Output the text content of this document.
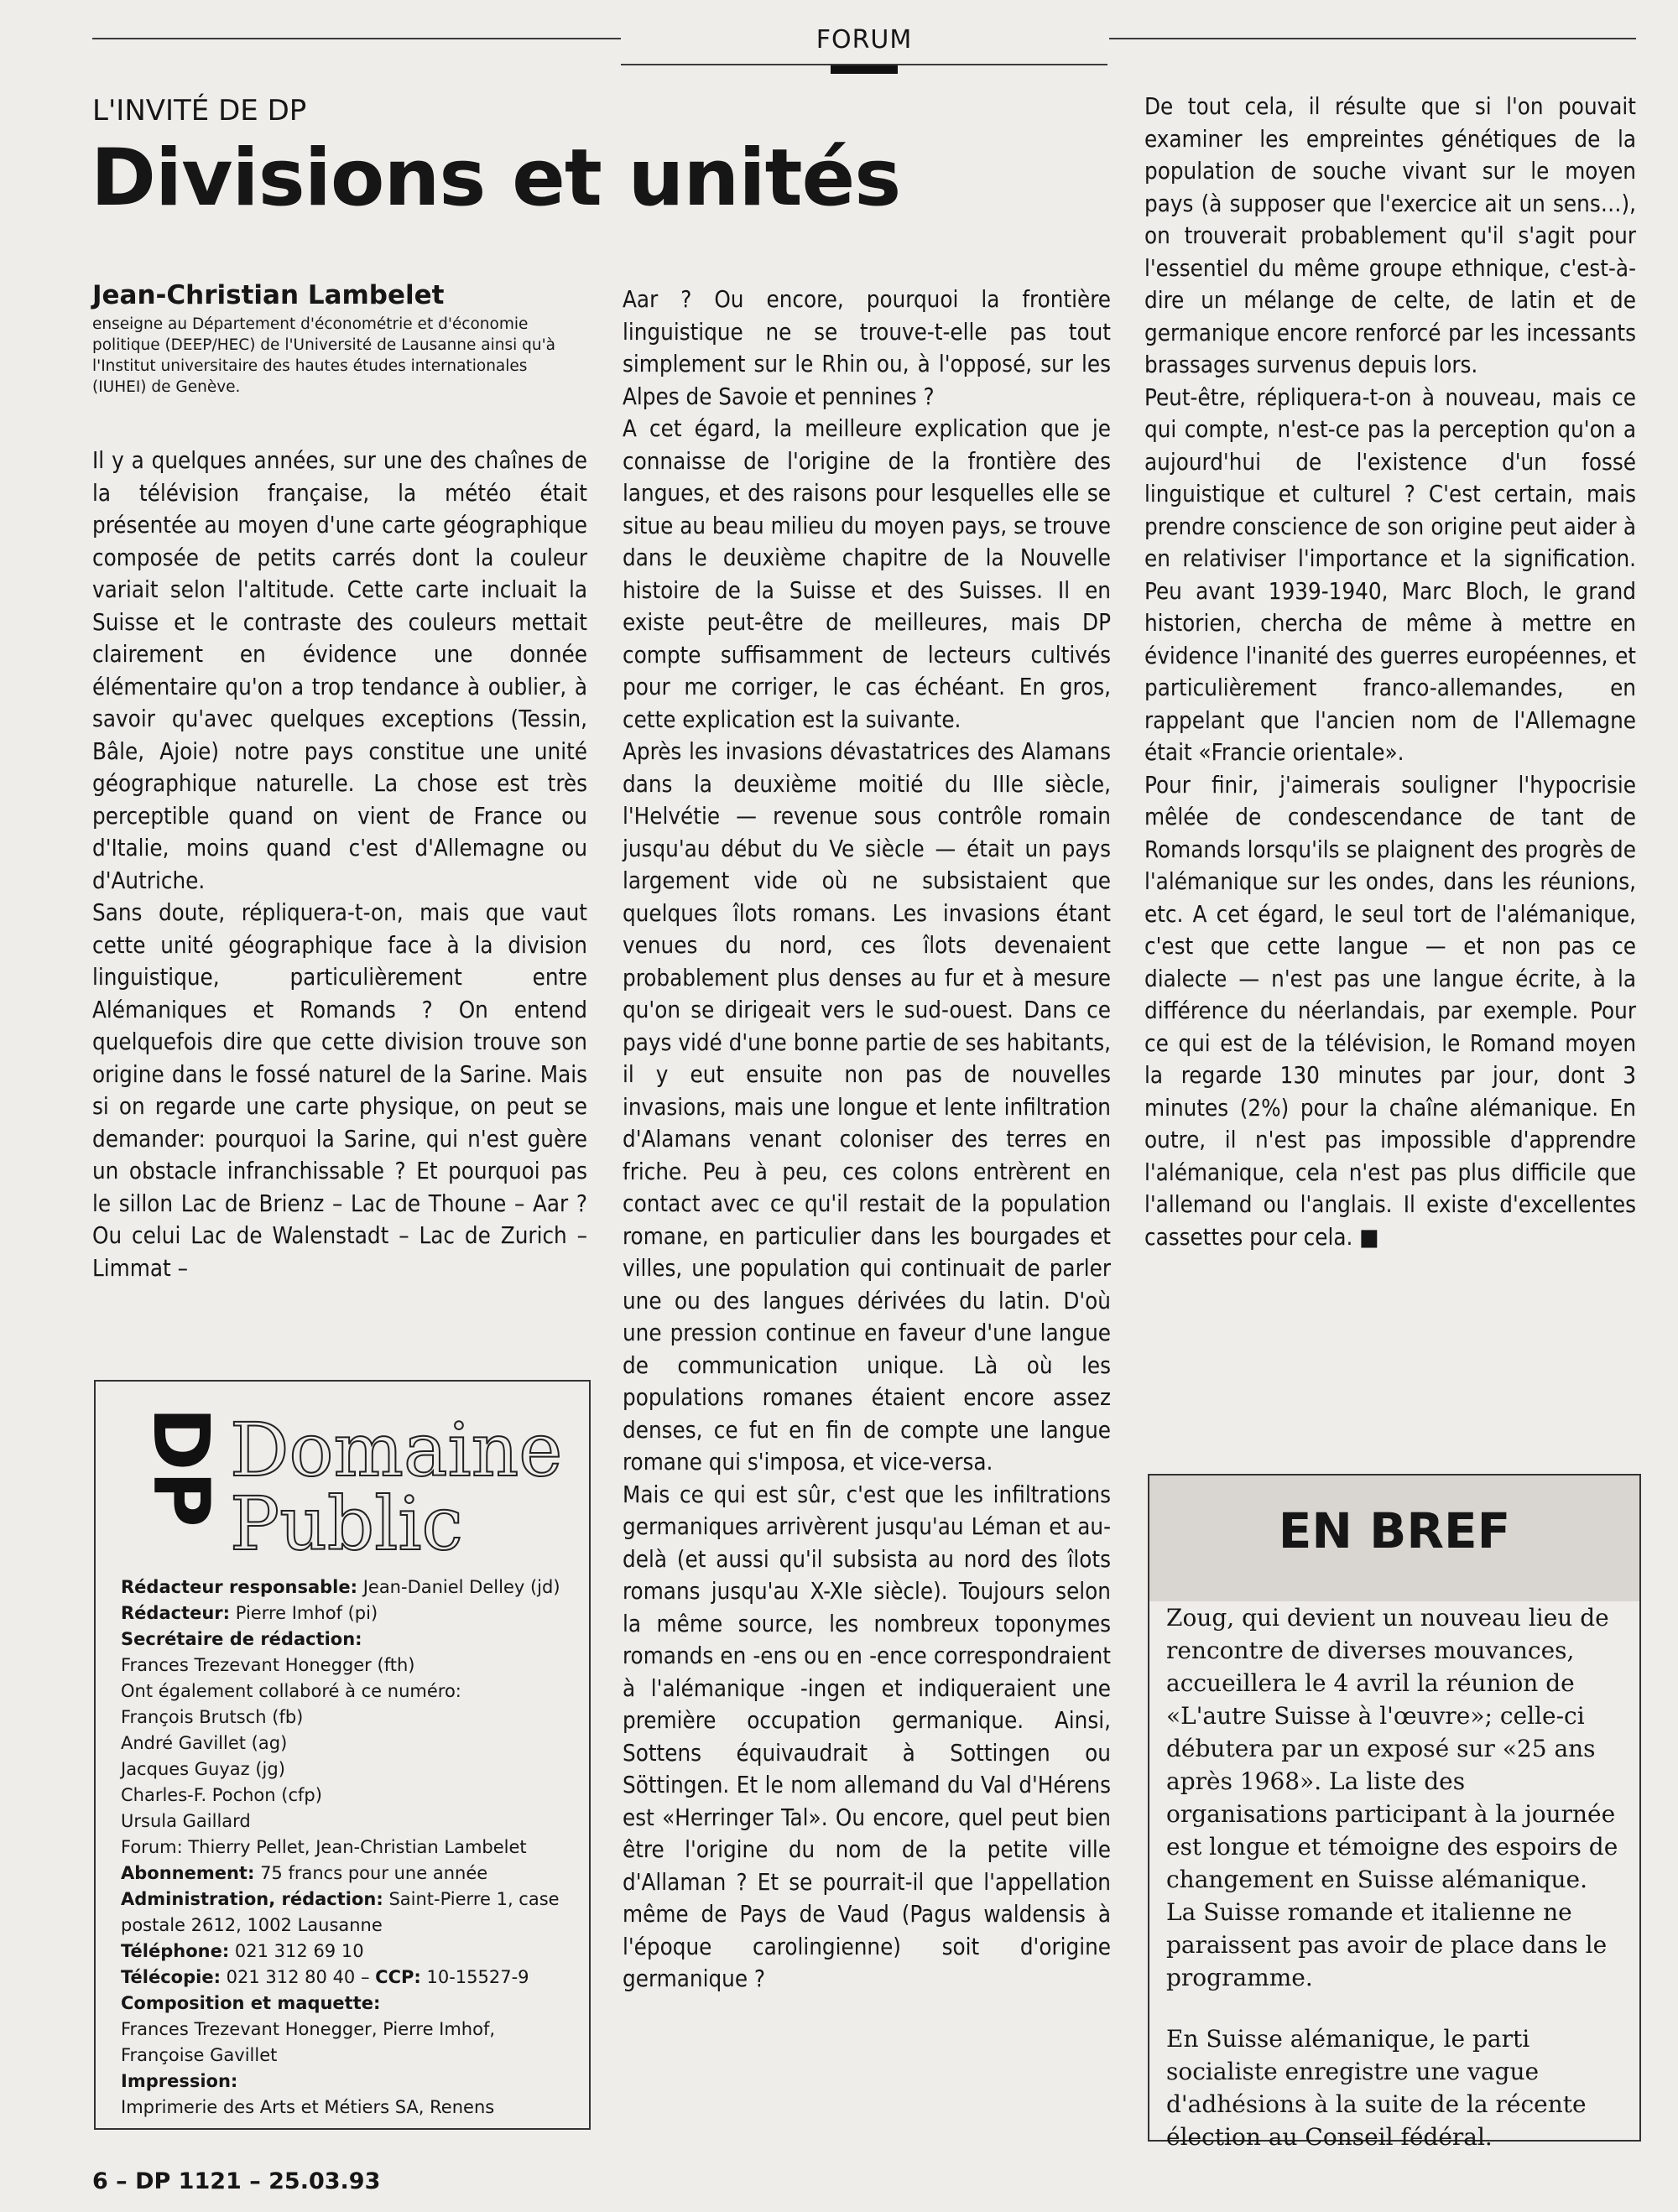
FORUM
L'INVITÉ DE DP
Divisions et unités
Jean-Christian Lambelet
enseigne au Département d'économétrie et d'économie politique (DEEP/HEC) de l'Université de Lausanne ainsi qu'à l'Institut universitaire des hautes études internationales (IUHEI) de Genève.

Il y a quelques années, sur une des chaînes de la télévision française, la météo était présentée au moyen d'une carte géographique composée de petits carrés dont la couleur variait selon l'altitude. Cette carte incluait la Suisse et le contraste des couleurs mettait clairement en évidence une donnée élémentaire qu'on a trop tendance à oublier, à savoir qu'avec quelques exceptions (Tessin, Bâle, Ajoie) notre pays constitue une unité géographique naturelle. La chose est très perceptible quand on vient de France ou d'Italie, moins quand c'est d'Allemagne ou d'Autriche.

Sans doute, répliquera-t-on, mais que vaut cette unité géographique face à la division linguistique, particulièrement entre Alémaniques et Romands ? On entend quelquefois dire que cette division trouve son origine dans le fossé naturel de la Sarine. Mais si on regarde une carte physique, on peut se demander: pourquoi la Sarine, qui n'est guère un obstacle infranchissable ? Et pourquoi pas le sillon Lac de Brienz – Lac de Thoune – Aar ? Ou celui Lac de Walenstadt – Lac de Zurich – Limmat –

Aar ? Ou encore, pourquoi la frontière linguistique ne se trouve-t-elle pas tout simplement sur le Rhin ou, à l'opposé, sur les Alpes de Savoie et pennines ?

A cet égard, la meilleure explication que je connaisse de l'origine de la frontière des langues, et des raisons pour lesquelles elle se situe au beau milieu du moyen pays, se trouve dans le deuxième chapitre de la Nouvelle histoire de la Suisse et des Suisses. Il en existe peut-être de meilleures, mais DP compte suffisamment de lecteurs cultivés pour me corriger, le cas échéant. En gros, cette explication est la suivante.

Après les invasions dévastatrices des Alamans dans la deuxième moitié du IIIe siècle, l'Helvétie — revenue sous contrôle romain jusqu'au début du Ve siècle — était un pays largement vide où ne subsistaient que quelques îlots romans. Les invasions étant venues du nord, ces îlots devenaient probablement plus denses au fur et à mesure qu'on se dirigeait vers le sud-ouest. Dans ce pays vidé d'une bonne partie de ses habitants, il y eut ensuite non pas de nouvelles invasions, mais une longue et lente infiltration d'Alamans venant coloniser des terres en friche. Peu à peu, ces colons entrèrent en contact avec ce qu'il restait de la population romane, en particulier dans les bourgades et villes, une population qui continuait de parler une ou des langues dérivées du latin. D'où une pression continue en faveur d'une langue de communication unique. Là où les populations romanes étaient encore assez denses, ce fut en fin de compte une langue romane qui s'imposa, et vice-versa.

Mais ce qui est sûr, c'est que les infiltrations germaniques arrivèrent jusqu'au Léman et au-delà (et aussi qu'il subsista au nord des îlots romans jusqu'au X-XIe siècle). Toujours selon la même source, les nombreux toponymes romands en -ens ou en -ence correspondraient à l'alémanique -ingen et indiqueraient une première occupation germanique. Ainsi, Sottens équivaudrait à Sottingen ou Söttingen. Et le nom allemand du Val d'Hérens est «Herringer Tal». Ou encore, quel peut bien être l'origine du nom de la petite ville d'Allaman ? Et se pourrait-il que l'appellation même de Pays de Vaud (Pagus waldensis à l'époque carolingienne) soit d'origine germanique ?

De tout cela, il résulte que si l'on pouvait examiner les empreintes génétiques de la population de souche vivant sur le moyen pays (à supposer que l'exercice ait un sens…), on trouverait probablement qu'il s'agit pour l'essentiel du même groupe ethnique, c'est-à-dire un mélange de celte, de latin et de germanique encore renforcé par les incessants brassages survenus depuis lors.

Peut-être, répliquera-t-on à nouveau, mais ce qui compte, n'est-ce pas la perception qu'on a aujourd'hui de l'existence d'un fossé linguistique et culturel ? C'est certain, mais prendre conscience de son origine peut aider à en relativiser l'importance et la signification. Peu avant 1939-1940, Marc Bloch, le grand historien, chercha de même à mettre en évidence l'inanité des guerres européennes, et particulièrement franco-allemandes, en rappelant que l'ancien nom de l'Allemagne était «Francie orientale».

Pour finir, j'aimerais souligner l'hypocrisie mêlée de condescendance de tant de Romands lorsqu'ils se plaignent des progrès de l'alémanique sur les ondes, dans les réunions, etc. A cet égard, le seul tort de l'alémanique, c'est que cette langue — et non pas ce dialecte — n'est pas une langue écrite, à la différence du néerlandais, par exemple. Pour ce qui est de la télévision, le Romand moyen la regarde 130 minutes par jour, dont 3 minutes (2%) pour la chaîne alémanique. En outre, il n'est pas impossible d'apprendre l'alémanique, cela n'est pas plus difficile que l'allemand ou l'anglais. Il existe d'excellentes cassettes pour cela. ■

DP Domaine
Public
Rédacteur responsable: Jean-Daniel Delley (jd)
Rédacteur: Pierre Imhof (pi)
Secrétaire de rédaction:
Frances Trezevant Honegger (fth)
Ont également collaboré à ce numéro:
François Brutsch (fb)
André Gavillet (ag)
Jacques Guyaz (jg)
Charles-F. Pochon (cfp)
Ursula Gaillard
Forum: Thierry Pellet, Jean-Christian Lambelet
Abonnement: 75 francs pour une année
Administration, rédaction: Saint-Pierre 1, case postale 2612, 1002 Lausanne
Téléphone: 021 312 69 10
Télécopie: 021 312 80 40 – CCP: 10-15527-9
Composition et maquette:
Frances Trezevant Honegger, Pierre Imhof, Françoise Gavillet
Impression:
Imprimerie des Arts et Métiers SA, Renens
EN BREF

Zoug, qui devient un nouveau lieu de rencontre de diverses mouvances, accueillera le 4 avril la réunion de «L'autre Suisse à l'œuvre»; celle-ci débutera par un exposé sur «25 ans après 1968». La liste des organisations participant à la journée est longue et témoigne des espoirs de changement en Suisse alémanique. La Suisse romande et italienne ne paraissent pas avoir de place dans le programme.

En Suisse alémanique, le parti socialiste enregistre une vague d'adhésions à la suite de la récente élection au Conseil fédéral.

6 – DP 1121 – 25.03.93
